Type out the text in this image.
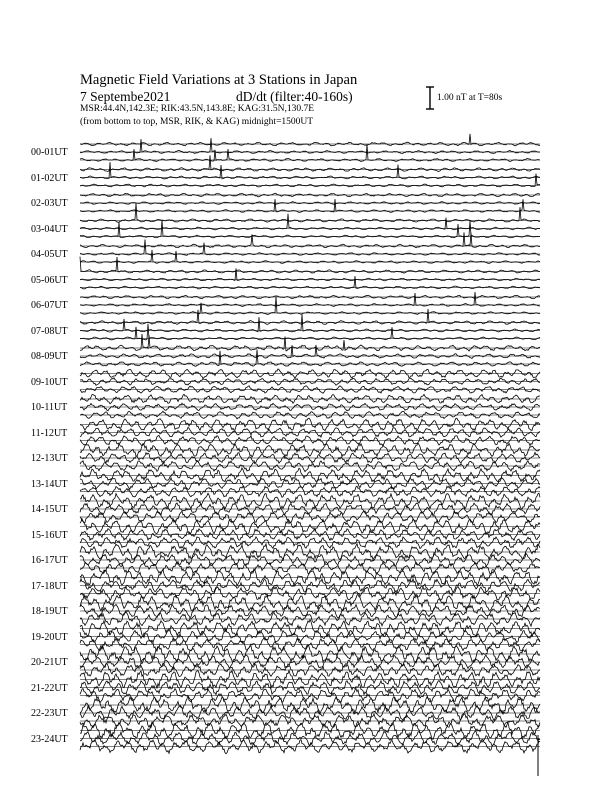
Magnetic Field Variations at 3 Stations in Japan
7 Septembe2021	dD/dt (filter:40-160s)
MSR:44.4N,142.3E; RIK:43.5N,143.8E; KAG:31.5N,130.7E
(from bottom to top, MSR, RIK, & KAG) midnight=1500UT
1.00 nT at T=80s
00-01UT
01-02UT
02-03UT
03-04UT
04-05UT
05-06UT
06-07UT
07-08UT
08-09UT
09-10UT
10-11UT
11-12UT
12-13UT
13-14UT
14-15UT
15-16UT
16-17UT
17-18UT
18-19UT
19-20UT
20-21UT
21-22UT
22-23UT
23-24UT
